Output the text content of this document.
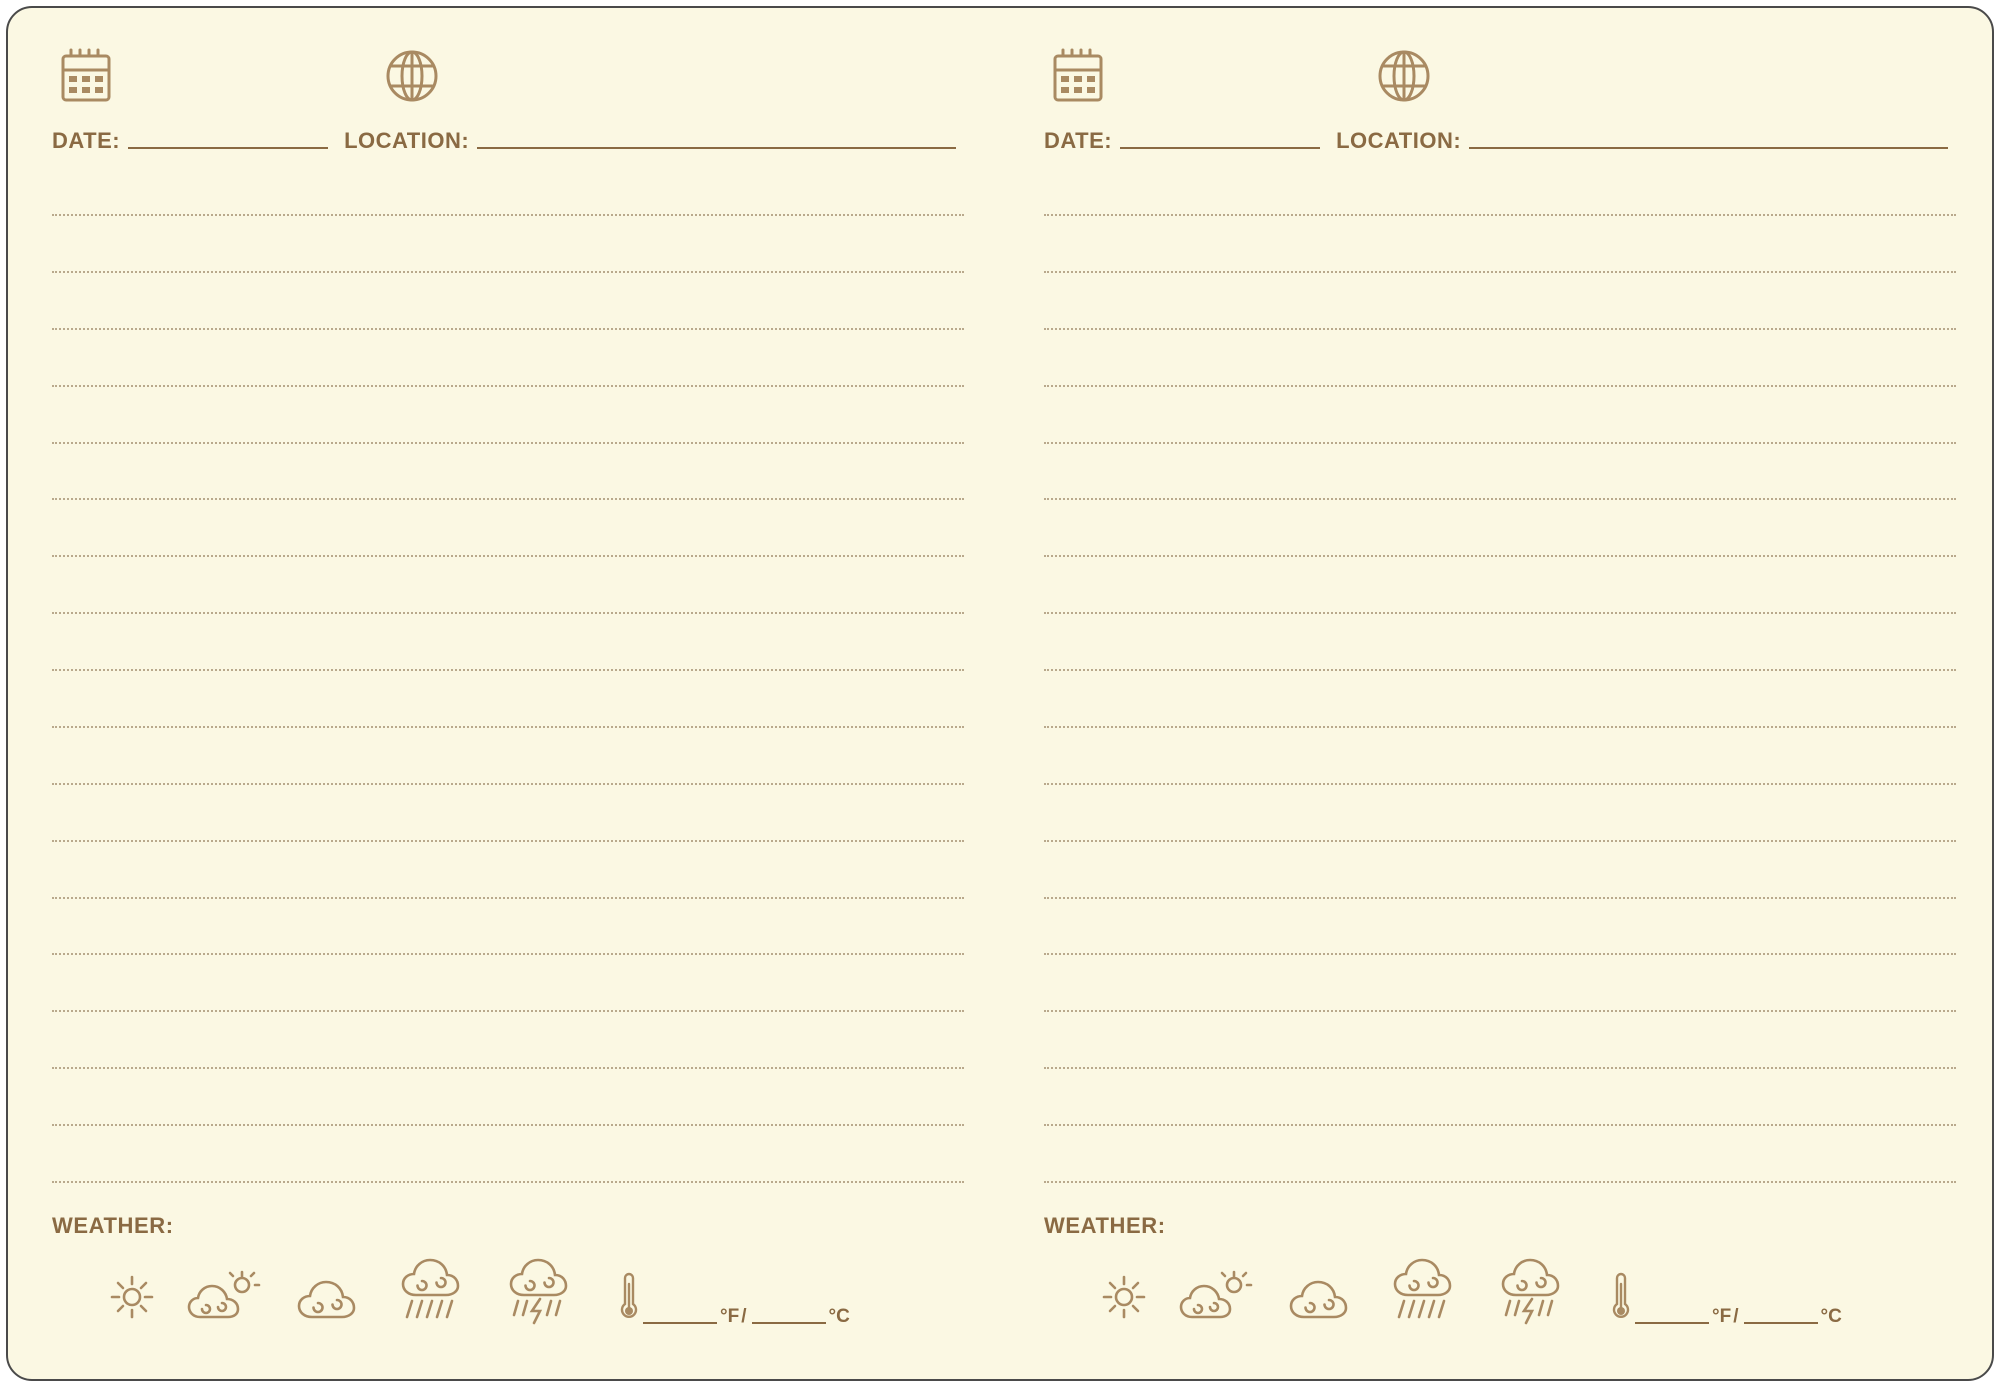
DATE:	LOCATION:
WEATHER:
°F /	°C
DATE:	LOCATION:
WEATHER:
°F /	°C
